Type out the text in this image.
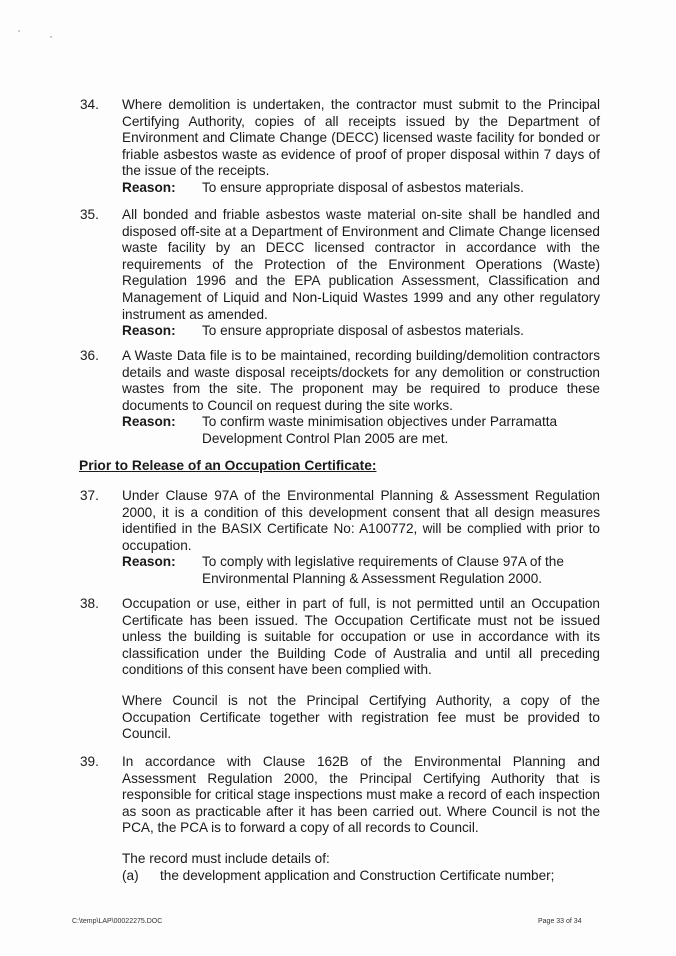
34.	Where demolition is undertaken, the contractor must submit to the Principal Certifying Authority, copies of all receipts issued by the Department of Environment and Climate Change (DECC) licensed waste facility for bonded or friable asbestos waste as evidence of proof of proper disposal within 7 days of the issue of the receipts.
Reason:	To ensure appropriate disposal of asbestos materials.
35.	All bonded and friable asbestos waste material on-site shall be handled and disposed off-site at a Department of Environment and Climate Change licensed waste facility by an DECC licensed contractor in accordance with the requirements of the Protection of the Environment Operations (Waste) Regulation 1996 and the EPA publication Assessment, Classification and Management of Liquid and Non-Liquid Wastes 1999 and any other regulatory instrument as amended.
Reason:	To ensure appropriate disposal of asbestos materials.
36.	A Waste Data file is to be maintained, recording building/demolition contractors details and waste disposal receipts/dockets for any demolition or construction wastes from the site. The proponent may be required to produce these documents to Council on request during the site works.
Reason:	To confirm waste minimisation objectives under Parramatta Development Control Plan 2005 are met.
Prior to Release of an Occupation Certificate:
37.	Under Clause 97A of the Environmental Planning & Assessment Regulation 2000, it is a condition of this development consent that all design measures identified in the BASIX Certificate No: A100772, will be complied with prior to occupation.
Reason:	To comply with legislative requirements of Clause 97A of the Environmental Planning & Assessment Regulation 2000.
38.	Occupation or use, either in part of full, is not permitted until an Occupation Certificate has been issued. The Occupation Certificate must not be issued unless the building is suitable for occupation or use in accordance with its classification under the Building Code of Australia and until all preceding conditions of this consent have been complied with.
Where Council is not the Principal Certifying Authority, a copy of the Occupation Certificate together with registration fee must be provided to Council.
39.	In accordance with Clause 162B of the Environmental Planning and Assessment Regulation 2000, the Principal Certifying Authority that is responsible for critical stage inspections must make a record of each inspection as soon as practicable after it has been carried out. Where Council is not the PCA, the PCA is to forward a copy of all records to Council.
The record must include details of:
(a)	the development application and Construction Certificate number;
C:\temp\LAP\00022275.DOC	Page 33 of 34
